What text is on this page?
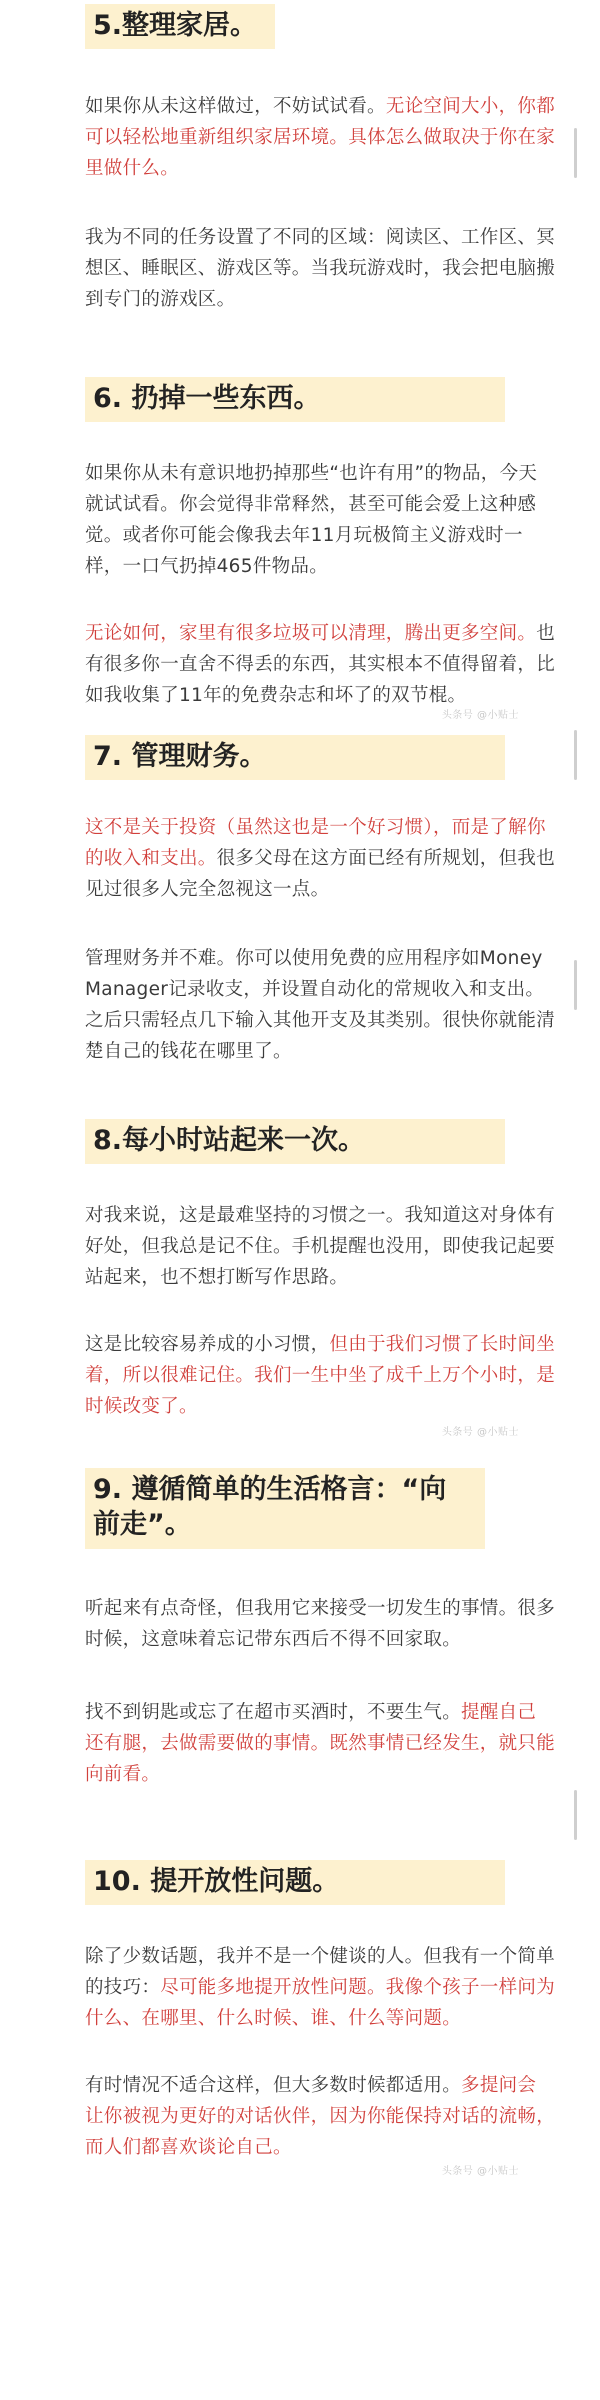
5.整理家居。

如果你从未这样做过，不妨试试看。无论空间大小，你都可以轻松地重新组织家居环境。具体怎么做取决于你在家里做什么。

我为不同的任务设置了不同的区域：阅读区、工作区、冥想区、睡眠区、游戏区等。当我玩游戏时，我会把电脑搬到专门的游戏区。

6. 扔掉一些东西。

如果你从未有意识地扔掉那些“也许有用”的物品，今天就试试看。你会觉得非常释然，甚至可能会爱上这种感觉。或者你可能会像我去年11月玩极简主义游戏时一样，一口气扔掉465件物品。

无论如何，家里有很多垃圾可以清理，腾出更多空间。也有很多你一直舍不得丢的东西，其实根本不值得留着，比如我收集了11年的免费杂志和坏了的双节棍。

头条号 @小贴士
7. 管理财务。

这不是关于投资（虽然这也是一个好习惯），而是了解你的收入和支出。很多父母在这方面已经有所规划，但我也见过很多人完全忽视这一点。

管理财务并不难。你可以使用免费的应用程序如Money Manager记录收支，并设置自动化的常规收入和支出。之后只需轻点几下输入其他开支及其类别。很快你就能清楚自己的钱花在哪里了。

8.每小时站起来一次。

对我来说，这是最难坚持的习惯之一。我知道这对身体有好处，但我总是记不住。手机提醒也没用，即使我记起要站起来，也不想打断写作思路。

这是比较容易养成的小习惯，但由于我们习惯了长时间坐着，所以很难记住。我们一生中坐了成千上万个小时，是时候改变了。

头条号 @小贴士
9. 遵循简单的生活格言：“向前走”。

听起来有点奇怪，但我用它来接受一切发生的事情。很多时候，这意味着忘记带东西后不得不回家取。

找不到钥匙或忘了在超市买酒时，不要生气。提醒自己还有腿，去做需要做的事情。既然事情已经发生，就只能向前看。

10. 提开放性问题。

除了少数话题，我并不是一个健谈的人。但我有一个简单的技巧：尽可能多地提开放性问题。我像个孩子一样问为什么、在哪里、什么时候、谁、什么等问题。

有时情况不适合这样，但大多数时候都适用。多提问会让你被视为更好的对话伙伴，因为你能保持对话的流畅，而人们都喜欢谈论自己。

头条号 @小贴士
